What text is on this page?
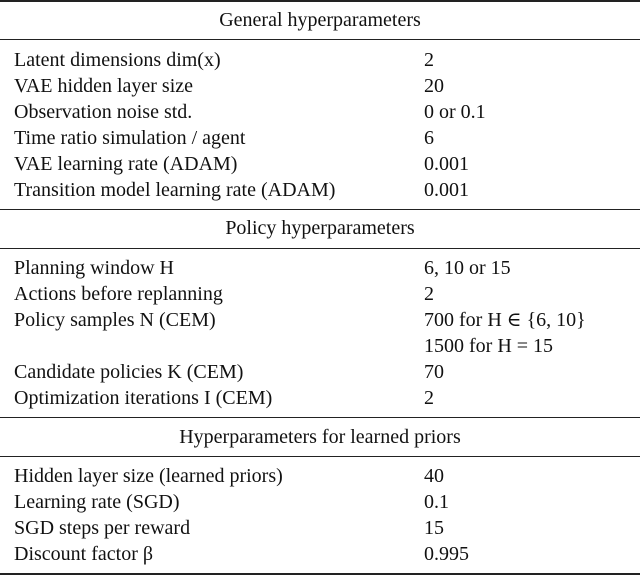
General hyperparameters
Latent dimensions dim(x)	2
VAE hidden layer size	20
Observation noise std.	0 or 0.1
Time ratio simulation / agent	6
VAE learning rate (ADAM)	0.001
Transition model learning rate (ADAM)	0.001
Policy hyperparameters
Planning window H	6, 10 or 15
Actions before replanning	2
Policy samples N (CEM)	700 for H ∈ {6, 10}
1500 for H = 15
Candidate policies K (CEM)	70
Optimization iterations I (CEM)	2
Hyperparameters for learned priors
Hidden layer size (learned priors)	40
Learning rate (SGD)	0.1
SGD steps per reward	15
Discount factor β	0.995
